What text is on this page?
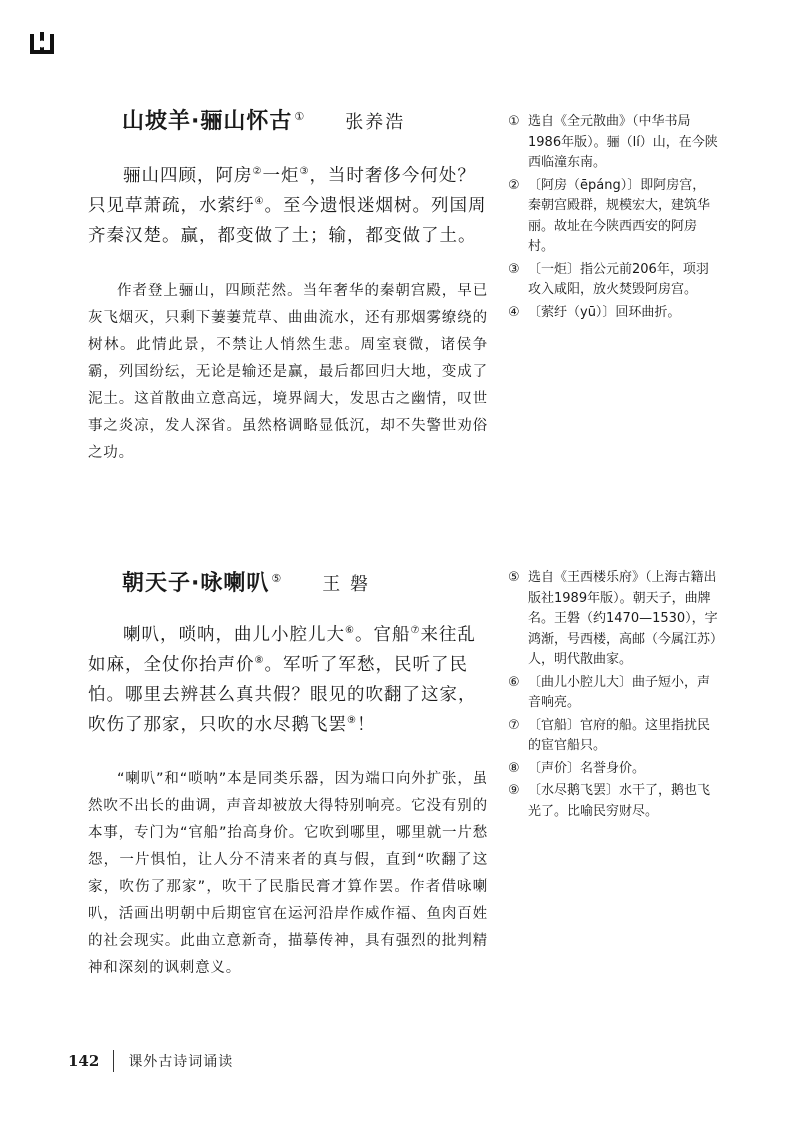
山坡羊·骊山怀古 ① 张养浩

骊山四顾，阿房②一炬③，当时奢侈今何处？只见草萧疏，水萦纡④。至今遗恨迷烟树。列国周齐秦汉楚。赢，都变做了土；输，都变做了土。

作者登上骊山，四顾茫然。当年奢华的秦朝宫殿，早已灰飞烟灭，只剩下萋萋荒草、曲曲流水，还有那烟雾缭绕的树林。此情此景，不禁让人悄然生悲。周室衰微，诸侯争霸，列国纷纭，无论是输还是赢，最后都回归大地，变成了泥土。这首散曲立意高远，境界阔大，发思古之幽情，叹世事之炎凉，发人深省。虽然格调略显低沉，却不失警世劝俗之功。

① 选自《全元散曲》（中华书局1986年版）。骊（lí）山，在今陕西临潼东南。
② 〔阿房（ēpáng）〕即阿房宫，秦朝宫殿群，规模宏大，建筑华丽。故址在今陕西西安的阿房村。
③ 〔一炬〕指公元前206年，项羽攻入咸阳，放火焚毁阿房宫。
④ 〔萦纡（yū）〕回环曲折。
朝天子·咏喇叭 ⑤ 王 磐

喇叭，唢呐，曲儿小腔儿大⑥。官船⑦来往乱如麻，全仗你抬声价⑧。军听了军愁，民听了民怕。哪里去辨甚么真共假？眼见的吹翻了这家，吹伤了那家，只吹的水尽鹅飞罢⑨！

“喇叭”和“唢呐”本是同类乐器，因为端口向外扩张，虽然吹不出长的曲调，声音却被放大得特别响亮。它没有别的本事，专门为“官船”抬高身价。它吹到哪里，哪里就一片愁怨，一片惧怕，让人分不清来者的真与假，直到“吹翻了这家，吹伤了那家”，吹干了民脂民膏才算作罢。作者借咏喇叭，活画出明朝中后期宦官在运河沿岸作威作福、鱼肉百姓的社会现实。此曲立意新奇，描摹传神，具有强烈的批判精神和深刻的讽刺意义。

⑤ 选自《王西楼乐府》（上海古籍出版社1989年版）。朝天子，曲牌名。王磐（约1470—1530），字鸿渐，号西楼，高邮（今属江苏）人，明代散曲家。
⑥ 〔曲儿小腔儿大〕曲子短小，声音响亮。
⑦ 〔官船〕官府的船。这里指扰民的宦官船只。
⑧ 〔声价〕名誉身价。
⑨ 〔水尽鹅飞罢〕水干了，鹅也飞光了。比喻民穷财尽。
142 课外古诗词诵读
